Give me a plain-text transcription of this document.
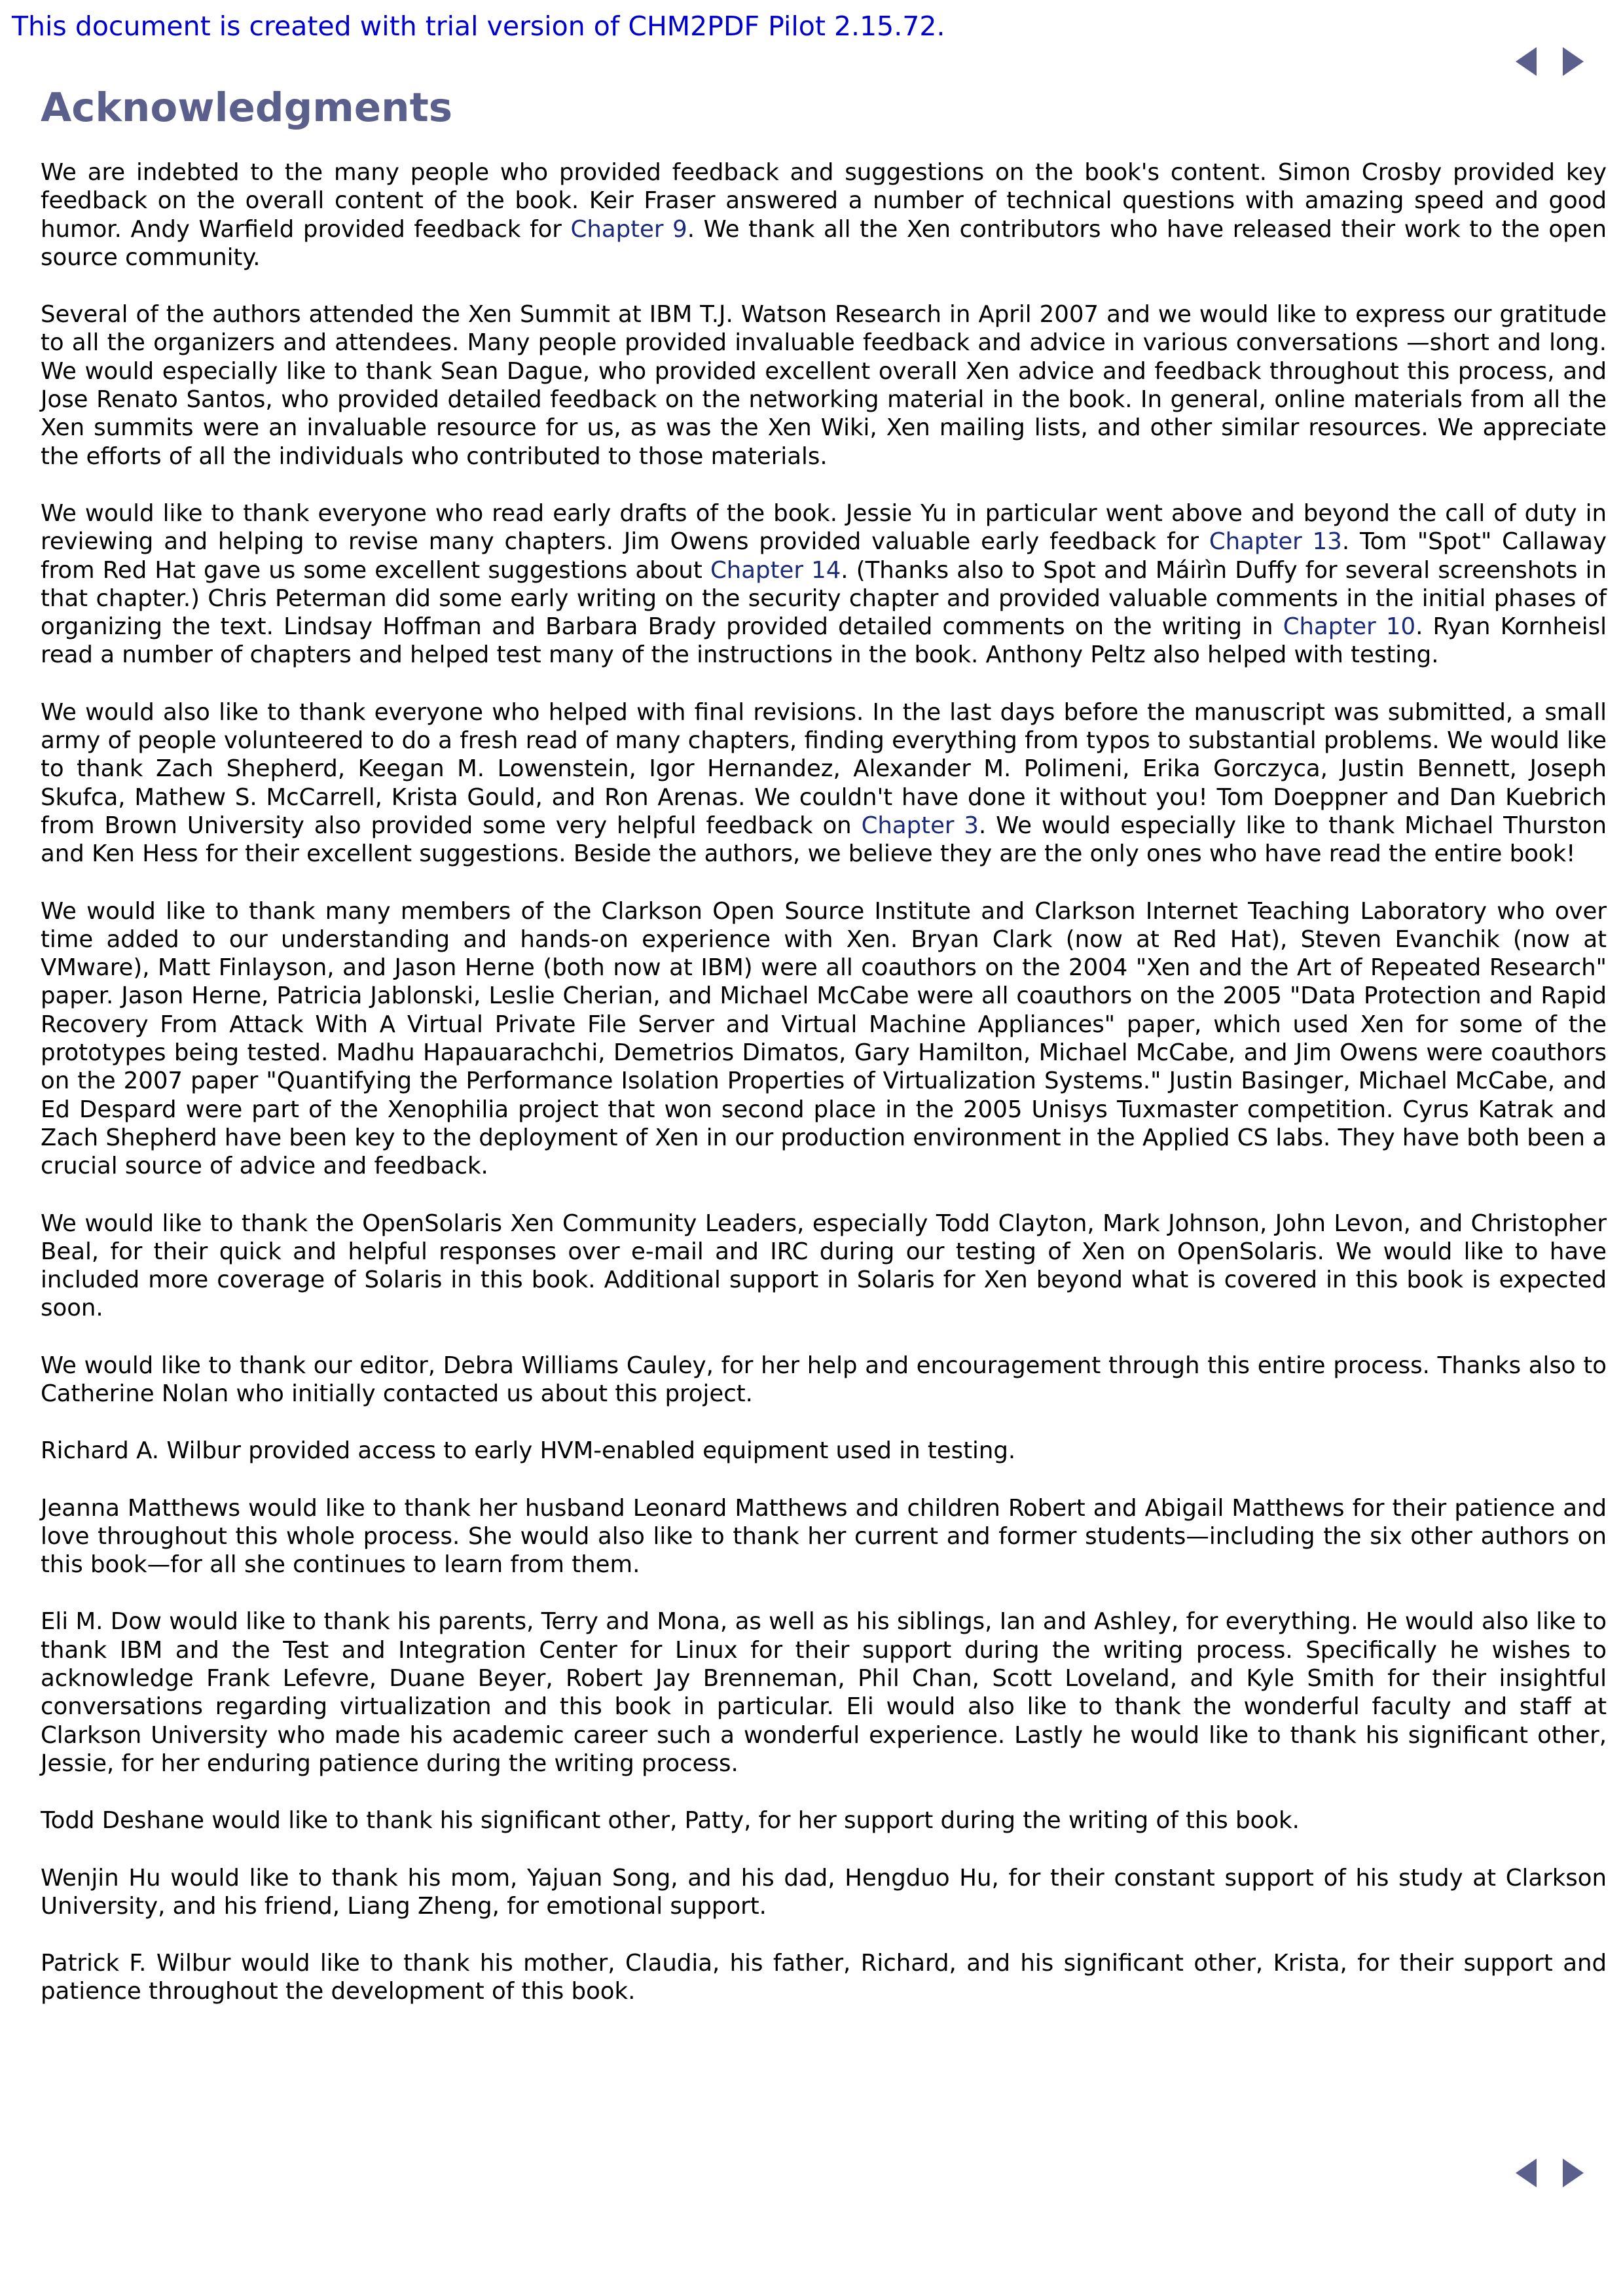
This document is created with trial version of CHM2PDF Pilot 2.15.72.
Acknowledgments

We are indebted to the many people who provided feedback and suggestions on the book's content. Simon Crosby provided key feedback on the overall content of the book. Keir Fraser answered a number of technical questions with amazing speed and good humor. Andy Warfield provided feedback for Chapter 9. We thank all the Xen contributors who have released their work to the open source community.

Several of the authors attended the Xen Summit at IBM T.J. Watson Research in April 2007 and we would like to express our gratitude to all the organizers and attendees. Many people provided invaluable feedback and advice in various conversations —short and long. We would especially like to thank Sean Dague, who provided excellent overall Xen advice and feedback throughout this process, and Jose Renato Santos, who provided detailed feedback on the networking material in the book. In general, online materials from all the Xen summits were an invaluable resource for us, as was the Xen Wiki, Xen mailing lists, and other similar resources. We appreciate the efforts of all the individuals who contributed to those materials.

We would like to thank everyone who read early drafts of the book. Jessie Yu in particular went above and beyond the call of duty in reviewing and helping to revise many chapters. Jim Owens provided valuable early feedback for Chapter 13. Tom "Spot" Callaway from Red Hat gave us some excellent suggestions about Chapter 14. (Thanks also to Spot and Máirìn Duffy for several screenshots in that chapter.) Chris Peterman did some early writing on the security chapter and provided valuable comments in the initial phases of organizing the text. Lindsay Hoffman and Barbara Brady provided detailed comments on the writing in Chapter 10. Ryan Kornheisl read a number of chapters and helped test many of the instructions in the book. Anthony Peltz also helped with testing.

We would also like to thank everyone who helped with final revisions. In the last days before the manuscript was submitted, a small army of people volunteered to do a fresh read of many chapters, finding everything from typos to substantial problems. We would like to thank Zach Shepherd, Keegan M. Lowenstein, Igor Hernandez, Alexander M. Polimeni, Erika Gorczyca, Justin Bennett, Joseph Skufca, Mathew S. McCarrell, Krista Gould, and Ron Arenas. We couldn't have done it without you! Tom Doeppner and Dan Kuebrich from Brown University also provided some very helpful feedback on Chapter 3. We would especially like to thank Michael Thurston and Ken Hess for their excellent suggestions. Beside the authors, we believe they are the only ones who have read the entire book!

We would like to thank many members of the Clarkson Open Source Institute and Clarkson Internet Teaching Laboratory who over time added to our understanding and hands-on experience with Xen. Bryan Clark (now at Red Hat), Steven Evanchik (now at VMware), Matt Finlayson, and Jason Herne (both now at IBM) were all coauthors on the 2004 "Xen and the Art of Repeated Research" paper. Jason Herne, Patricia Jablonski, Leslie Cherian, and Michael McCabe were all coauthors on the 2005 "Data Protection and Rapid Recovery From Attack With A Virtual Private File Server and Virtual Machine Appliances" paper, which used Xen for some of the prototypes being tested. Madhu Hapauarachchi, Demetrios Dimatos, Gary Hamilton, Michael McCabe, and Jim Owens were coauthors on the 2007 paper "Quantifying the Performance Isolation Properties of Virtualization Systems." Justin Basinger, Michael McCabe, and Ed Despard were part of the Xenophilia project that won second place in the 2005 Unisys Tuxmaster competition. Cyrus Katrak and Zach Shepherd have been key to the deployment of Xen in our production environment in the Applied CS labs. They have both been a crucial source of advice and feedback.

We would like to thank the OpenSolaris Xen Community Leaders, especially Todd Clayton, Mark Johnson, John Levon, and Christopher Beal, for their quick and helpful responses over e-mail and IRC during our testing of Xen on OpenSolaris. We would like to have included more coverage of Solaris in this book. Additional support in Solaris for Xen beyond what is covered in this book is expected soon.

We would like to thank our editor, Debra Williams Cauley, for her help and encouragement through this entire process. Thanks also to Catherine Nolan who initially contacted us about this project.

Richard A. Wilbur provided access to early HVM-enabled equipment used in testing.

Jeanna Matthews would like to thank her husband Leonard Matthews and children Robert and Abigail Matthews for their patience and love throughout this whole process. She would also like to thank her current and former students—including the six other authors on this book—for all she continues to learn from them.

Eli M. Dow would like to thank his parents, Terry and Mona, as well as his siblings, Ian and Ashley, for everything. He would also like to thank IBM and the Test and Integration Center for Linux for their support during the writing process. Specifically he wishes to acknowledge Frank Lefevre, Duane Beyer, Robert Jay Brenneman, Phil Chan, Scott Loveland, and Kyle Smith for their insightful conversations regarding virtualization and this book in particular. Eli would also like to thank the wonderful faculty and staff at Clarkson University who made his academic career such a wonderful experience. Lastly he would like to thank his significant other, Jessie, for her enduring patience during the writing process.

Todd Deshane would like to thank his significant other, Patty, for her support during the writing of this book.

Wenjin Hu would like to thank his mom, Yajuan Song, and his dad, Hengduo Hu, for their constant support of his study at Clarkson University, and his friend, Liang Zheng, for emotional support.

Patrick F. Wilbur would like to thank his mother, Claudia, his father, Richard, and his significant other, Krista, for their support and patience throughout the development of this book.
